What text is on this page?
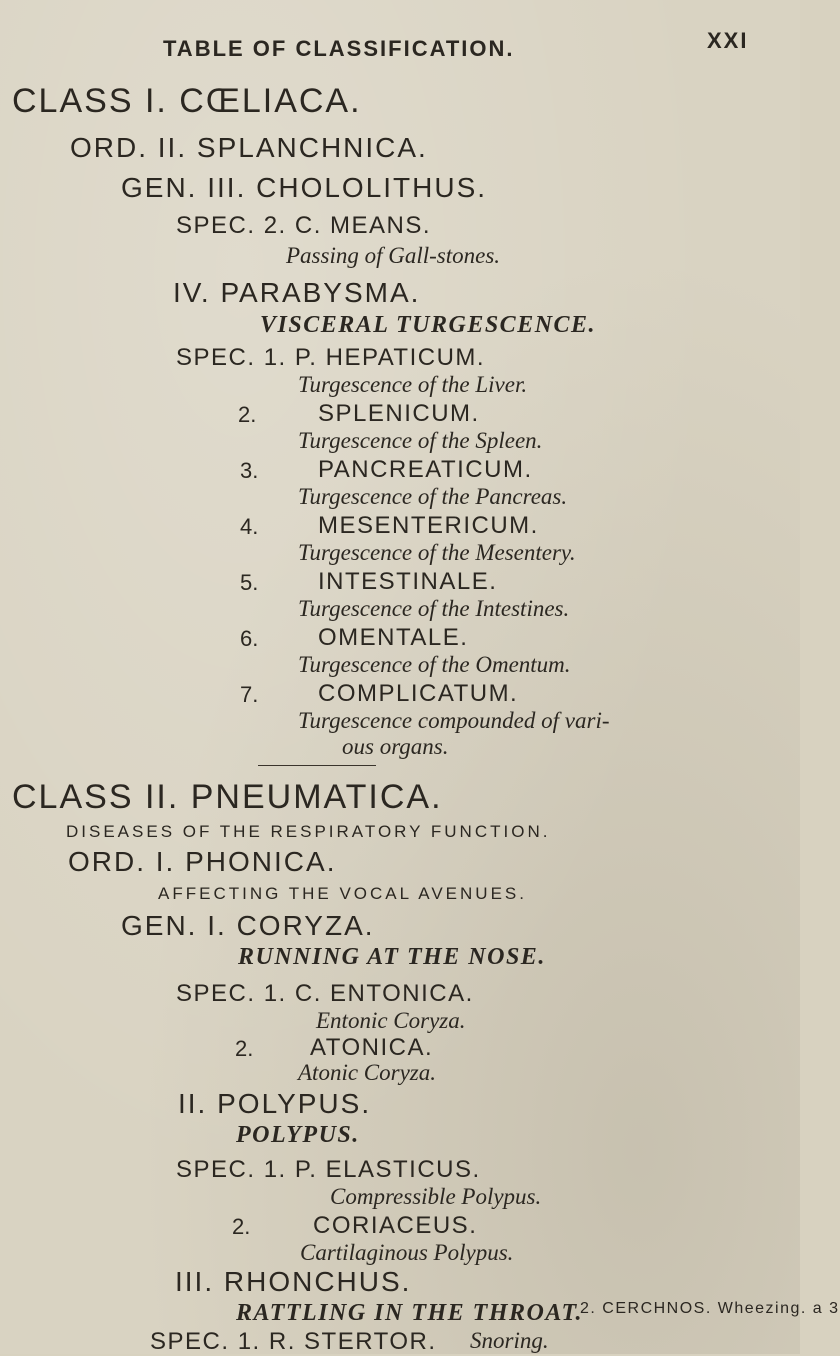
TABLE OF CLASSIFICATION.	XXI
CLASS I. CŒLIACA.
ORD. II. SPLANCHNICA.
GEN. III. CHOLOLITHUS.
SPEC. 2. C. MEANS.
Passing of Gall-stones.
IV. PARABYSMA.
VISCERAL TURGESCENCE.
SPEC. 1. P. HEPATICUM.
Turgescence of the Liver.
2.	SPLENICUM.
Turgescence of the Spleen.
3. PANCREATICUM.
Turgescence of the Pancreas.
4. MESENTERICUM.
Turgescence of the Mesentery.
5. INTESTINALE.
Turgescence of the Intestines.
6. OMENTALE.
Turgescence of the Omentum.
7. COMPLICATUM.
Turgescence compounded of vari-
ous organs.
CLASS II. PNEUMATICA.
DISEASES OF THE RESPIRATORY FUNCTION.
ORD. I. PHONICA.
AFFECTING THE VOCAL AVENUES.
GEN. I. CORYZA.
RUNNING AT THE NOSE.
SPEC. 1. C. ENTONICA.
Entonic Coryza.
2. ATONICA.
Atonic Coryza.
II. POLYPUS.
POLYPUS.
SPEC. 1. P. ELASTICUS.
Compressible Polypus.
2.	CORIACEUS.
Cartilaginous Polypus.
III. RHONCHUS.
RATTLING IN THE THROAT.
SPEC. 1. R. STERTOR. Snoring.
2. CERCHNOS. Wheezing. a 3
